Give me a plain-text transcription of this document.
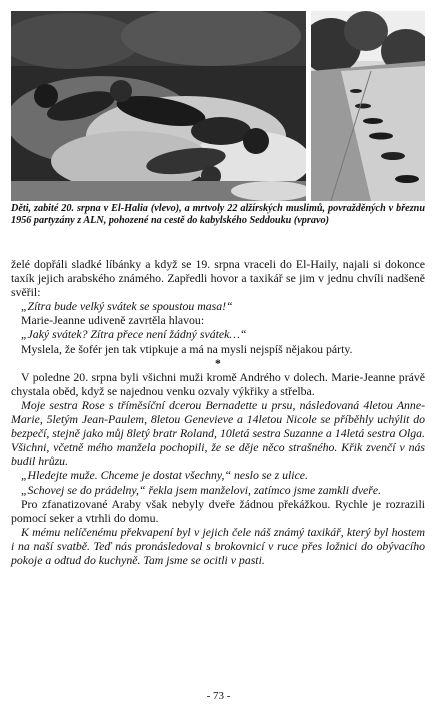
Děti, zabité 20. srpna v El-Halia (vlevo), a mrtvoly 22 alžírských muslimů, povražděných v březnu 1956 partyzány z ALN, pohozené na cestě do kabylského Seddouku (vpravo)

želé dopřáli sladké líbánky a když se 19. srpna vraceli do El-Haily, najali si dokonce taxík jejich arabského známého. Zapředli hovor a taxikář se jim v jednu chvíli nadšeně svěřil:

„Zítra bude velký svátek se spoustou masa!“

Marie-Jeanne udiveně zavrtěla hlavou:

„Jaký svátek? Zítra přece není žádný svátek…“

Myslela, že šofér jen tak vtipkuje a má na mysli nejspíš nějakou párty.

*

V poledne 20. srpna byli všichni muži kromě Andrého v dolech. Marie-Jeanne právě chystala oběd, když se najednou venku ozvaly výkřiky a střelba.

Moje sestra Rose s tříměsíční dcerou Bernadette u prsu, následovaná 4letou Anne-Marie, 5letým Jean-Paulem, 8letou Genevieve a 14letou Nicole se příběhly uchýlit do bezpečí, stejně jako můj 8letý bratr Roland, 10letá sestra Suzanne a 14letá sestra Olga. Všichni, včetně mého manžela pochopili, že se děje něco strašného. Křik zvenčí v nás budil hrůzu.

„Hledejte muže. Chceme je dostat všechny,“ neslo se z ulice.

„Schovej se do prádelny,“ řekla jsem manželovi, zatímco jsme zamkli dveře.

Pro zfanatizované Araby však nebyly dveře žádnou překážkou. Rychle je rozrazili pomocí seker a vtrhli do domu.

K mému nelíčenému překvapení byl v jejich čele náš známý taxikář, který byl hostem i na naší svatbě. Teď nás pronásledoval s brokovnicí v ruce přes ložnici do obývacího pokoje a odtud do kuchyně. Tam jsme se ocitli v pasti.

- 73 -
